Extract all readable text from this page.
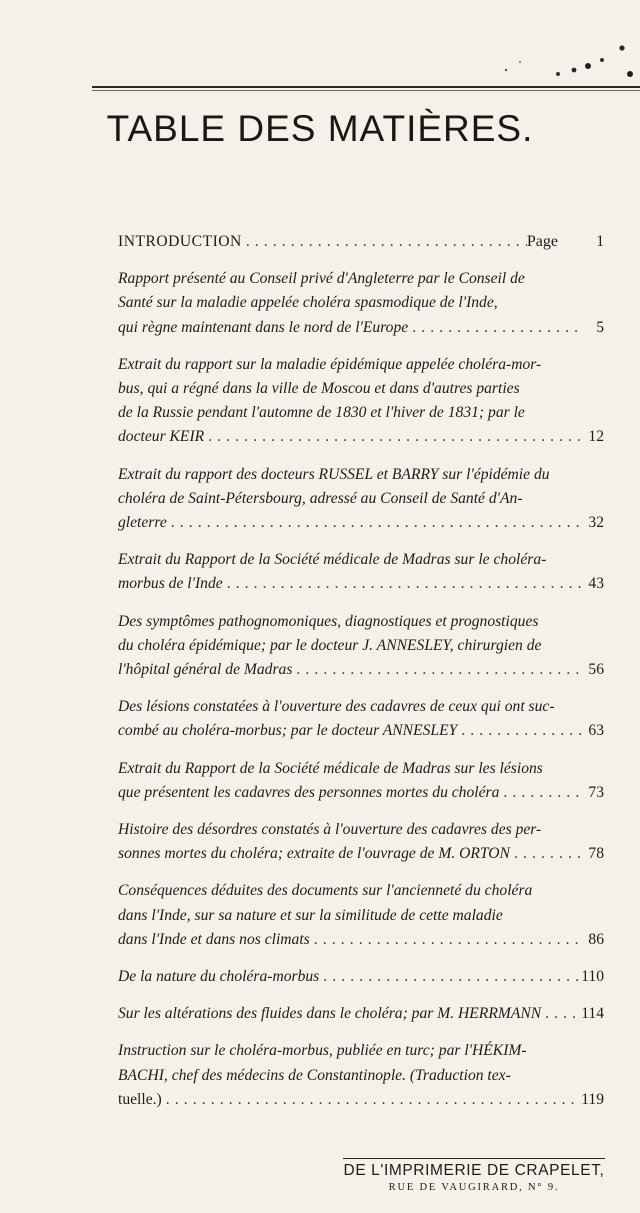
TABLE DES MATIÈRES.
INTRODUCTION . . .	Page	1
Rapport présenté au Conseil privé d'Angleterre par le Conseil de
Santé sur la maladie appelée choléra spasmodique de l'Inde,
qui règne maintenant dans le nord de l'Europe . . .	5
Extrait du rapport sur la maladie épidémique appelée choléra-mor-
bus, qui a régné dans la ville de Moscou et dans d'autres parties
de la Russie pendant l'automne de 1830 et l'hiver de 1831; par le
docteur KEIR . . .	12
Extrait du rapport des docteurs RUSSEL et BARRY sur l'épidémie du
choléra de Saint-Pétersbourg, adressé au Conseil de Santé d'An-
gleterre . . .	32
Extrait du Rapport de la Société médicale de Madras sur le choléra-
morbus de l'Inde . . .	43
Des symptômes pathognomoniques, diagnostiques et prognostiques
du choléra épidémique; par le docteur J. ANNESLEY, chirurgien de
l'hôpital général de Madras . . .	56
Des lésions constatées à l'ouverture des cadavres de ceux qui ont suc-
combé au choléra-morbus; par le docteur ANNESLEY . . .	63
Extrait du Rapport de la Société médicale de Madras sur les lésions
que présentent les cadavres des personnes mortes du choléra . . .	73
Histoire des désordres constatés à l'ouverture des cadavres des per-
sonnes mortes du choléra; extraite de l'ouvrage de M. ORTON . . .	78
Conséquences déduites des documents sur l'ancienneté du choléra
dans l'Inde, sur sa nature et sur la similitude de cette maladie
dans l'Inde et dans nos climats . . .	86
De la nature du choléra-morbus . . .	110
Sur les altérations des fluides dans le choléra; par M. HERRMANN . . .	114
Instruction sur le choléra-morbus, publiée en turc; par l'HÉKIM-
BACHI, chef des médecins de Constantinople. (Traduction tex-
tuelle.) . . .	119
DE L'IMPRIMERIE DE CRAPELET,
RUE DE VAUGIRARD, N° 9.
